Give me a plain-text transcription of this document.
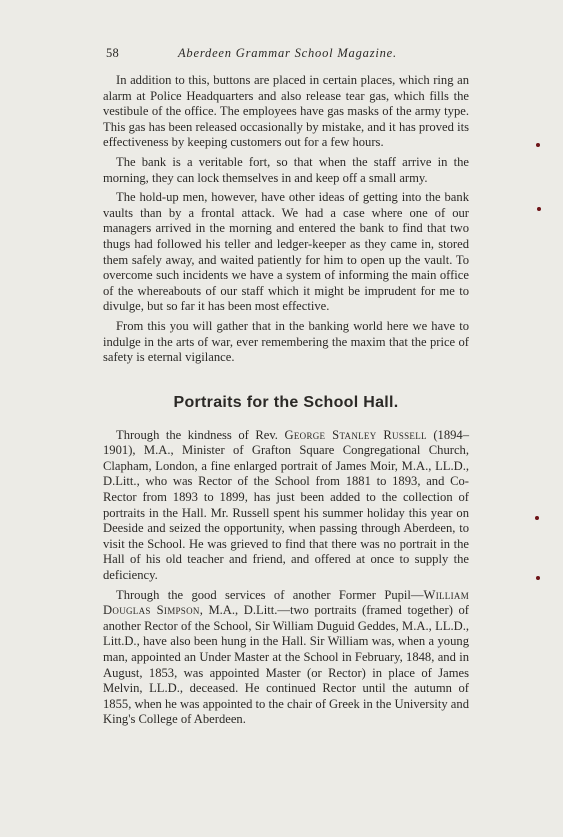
58	Aberdeen Grammar School Magazine.

In addition to this, buttons are placed in certain places, which ring an alarm at Police Headquarters and also release tear gas, which fills the vestibule of the office. The employees have gas masks of the army type. This gas has been released occasionally by mistake, and it has proved its effectiveness by keeping customers out for a few hours.

The bank is a veritable fort, so that when the staff arrive in the morning, they can lock themselves in and keep off a small army.

The hold-up men, however, have other ideas of getting into the bank vaults than by a frontal attack. We had a case where one of our managers arrived in the morning and entered the bank to find that two thugs had followed his teller and ledger-keeper as they came in, stored them safely away, and waited patiently for him to open up the vault. To overcome such incidents we have a system of informing the main office of the whereabouts of our staff which it might be imprudent for me to divulge, but so far it has been most effective.

From this you will gather that in the banking world here we have to indulge in the arts of war, ever remembering the maxim that the price of safety is eternal vigilance.

Portraits for the School Hall.

Through the kindness of Rev. George Stanley Russell (1894–1901), M.A., Minister of Grafton Square Congregational Church, Clapham, London, a fine enlarged portrait of James Moir, M.A., LL.D., D.Litt., who was Rector of the School from 1881 to 1893, and Co-Rector from 1893 to 1899, has just been added to the collection of portraits in the Hall. Mr. Russell spent his summer holiday this year on Deeside and seized the opportunity, when passing through Aberdeen, to visit the School. He was grieved to find that there was no portrait in the Hall of his old teacher and friend, and offered at once to supply the deficiency.

Through the good services of another Former Pupil—William Douglas Simpson, M.A., D.Litt.—two portraits (framed together) of another Rector of the School, Sir William Duguid Geddes, M.A., LL.D., Litt.D., have also been hung in the Hall. Sir William was, when a young man, appointed an Under Master at the School in February, 1848, and in August, 1853, was appointed Master (or Rector) in place of James Melvin, LL.D., deceased. He continued Rector until the autumn of 1855, when he was appointed to the chair of Greek in the University and King's College of Aberdeen.
